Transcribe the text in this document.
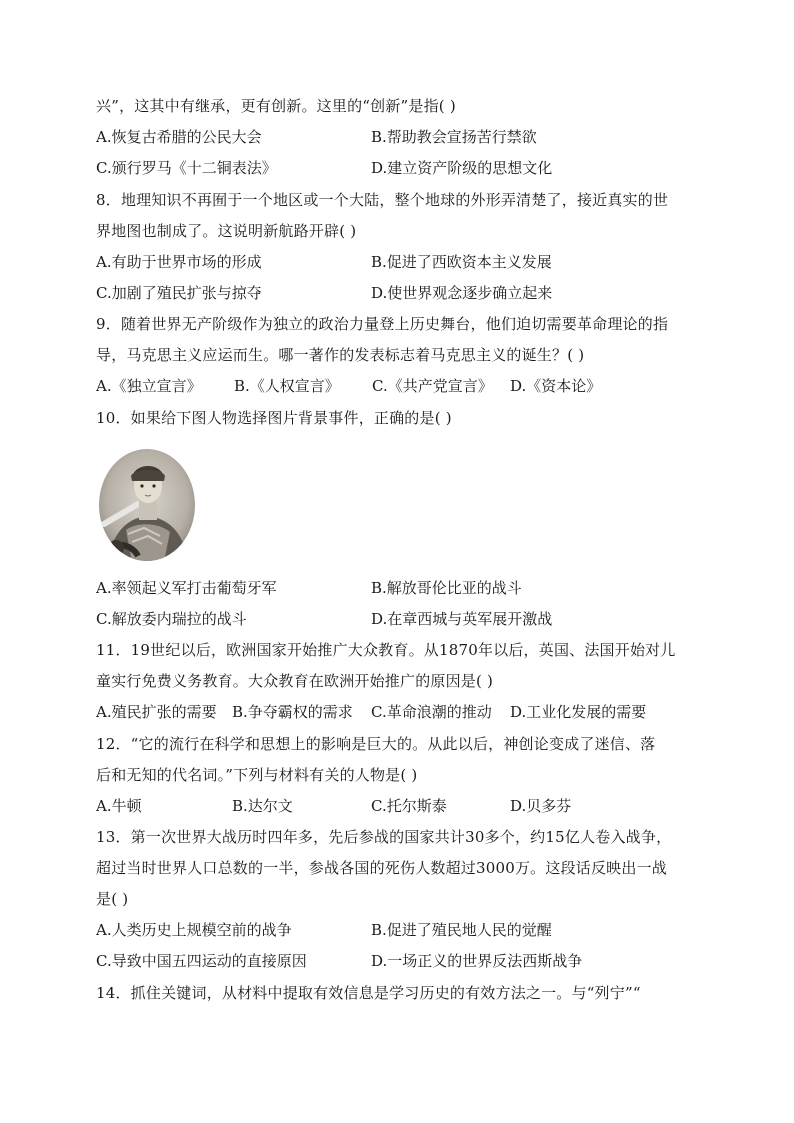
兴”，这其中有继承，更有创新。这里的“创新”是指( )
A.恢复古希腊的公民大会	B.帮助教会宣扬苦行禁欲
C.颁行罗马《十二铜表法》	D.建立资产阶级的思想文化
8．地理知识不再囿于一个地区或一个大陆，整个地球的外形弄清楚了，接近真实的世
界地图也制成了。这说明新航路开辟( )
A.有助于世界市场的形成	B.促进了西欧资本主义发展
C.加剧了殖民扩张与掠夺	D.使世界观念逐步确立起来
9．随着世界无产阶级作为独立的政治力量登上历史舞台，他们迫切需要革命理论的指
导，马克思主义应运而生。哪一著作的发表标志着马克思主义的诞生？( )
A.《独立宣言》 B.《人权宣言》 C.《共产党宣言》 D.《资本论》
10．如果给下图人物选择图片背景事件，正确的是( )
A.率领起义军打击葡萄牙军	B.解放哥伦比亚的战斗
C.解放委内瑞拉的战斗	D.在章西城与英军展开激战
11．19世纪以后，欧洲国家开始推广大众教育。从1870年以后，英国、法国开始对儿
童实行免费义务教育。大众教育在欧洲开始推广的原因是( )
A.殖民扩张的需要 B.争夺霸权的需求 C.革命浪潮的推动 D.工业化发展的需要
12．“它的流行在科学和思想上的影响是巨大的。从此以后，神创论变成了迷信、落
后和无知的代名词。”下列与材料有关的人物是( )
A.牛顿	B.达尔文	C.托尔斯泰	D.贝多芬
13．第一次世界大战历时四年多，先后参战的国家共计30多个，约15亿人卷入战争，
超过当时世界人口总数的一半，参战各国的死伤人数超过3000万。这段话反映出一战
是( )
A.人类历史上规模空前的战争	B.促进了殖民地人民的觉醒
C.导致中国五四运动的直接原因	D.一场正义的世界反法西斯战争
14．抓住关键词，从材料中提取有效信息是学习历史的有效方法之一。与“列宁”“
